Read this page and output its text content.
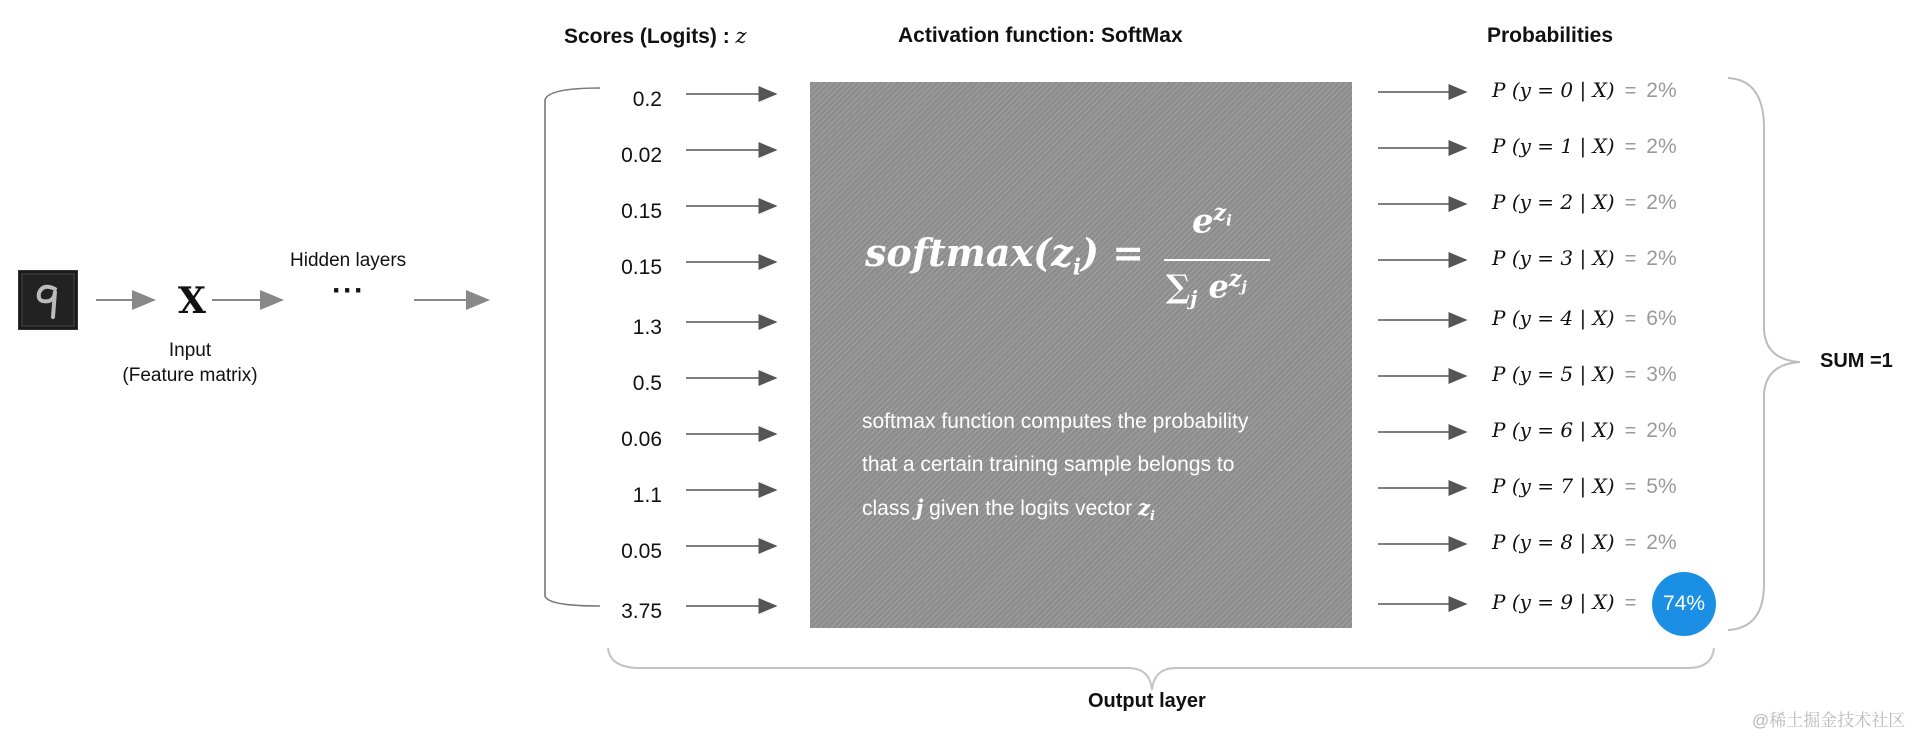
X
Input
(Feature matrix)
Hidden layers
···
Scores (Logits) : z	Activation function: SoftMax	Probabilities
0.2
0.02
0.15
0.15
1.3
0.5
0.06
1.1
0.05
3.75
$softmax(z_i)$ =
$e^{z_i}$
$\sum_j$ $e^{z_j}$
softmax function computes the probability
that a certain training sample belongs to
class j given the logits vector $z_i$
P (y = 0 | X) = 2%
P (y = 1 | X) = 2%
P (y = 2 | X) = 2%
P (y = 3 | X) = 2%
P (y = 4 | X) = 6%
P (y = 5 | X) = 3%
P (y = 6 | X) = 2%
P (y = 7 | X) = 5%
P (y = 8 | X) = 2%
74%
P (y = 9 | X) =
SUM =1
Output layer
@稀土掘金技术社区
